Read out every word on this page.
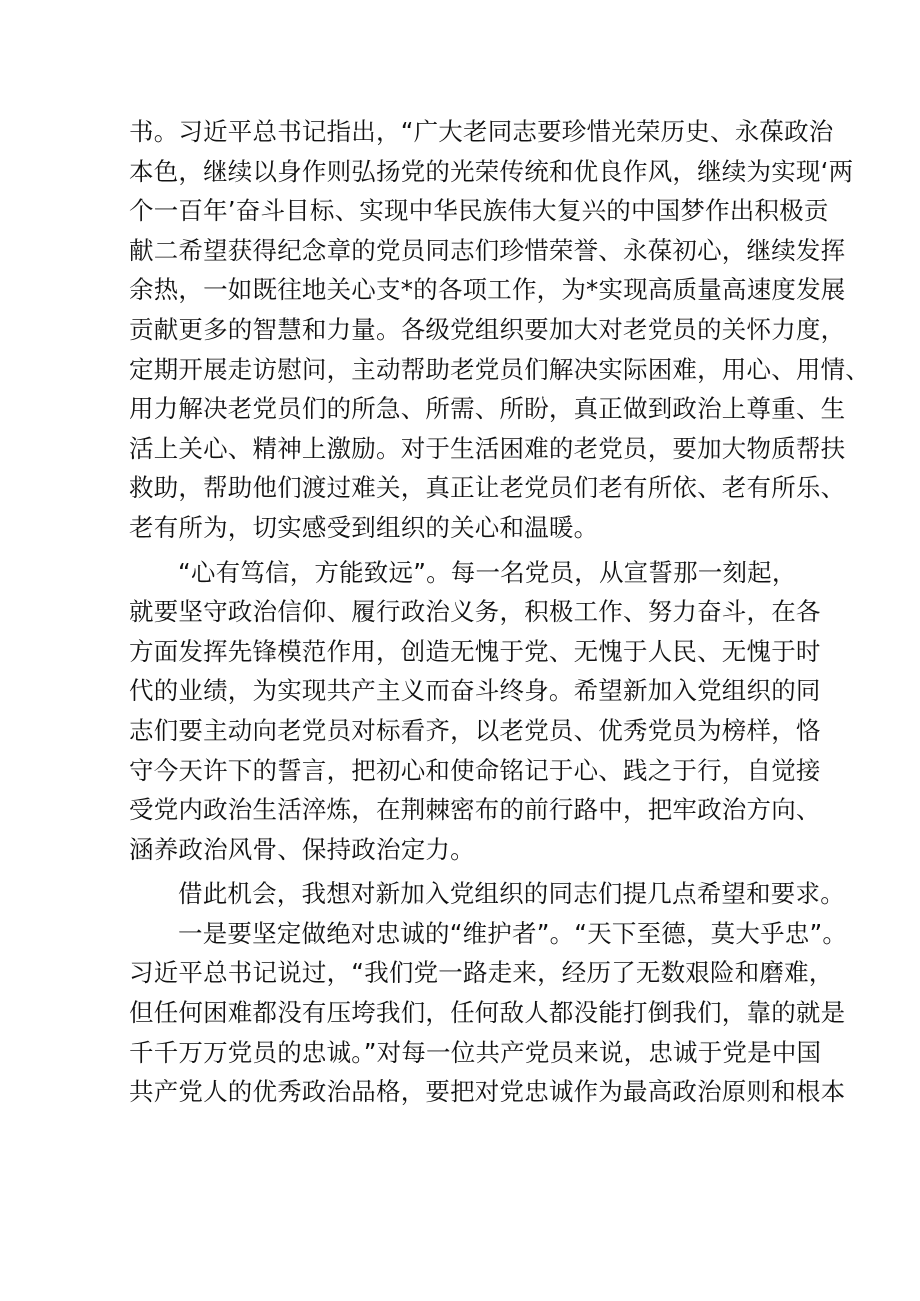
书。习近平总书记指出，“广大老同志要珍惜光荣历史、永葆政治
本色，继续以身作则弘扬党的光荣传统和优良作风，继续为实现‘两
个一百年’奋斗目标、实现中华民族伟大复兴的中国梦作出积极贡
献二希望获得纪念章的党员同志们珍惜荣誉、永葆初心，继续发挥
余热，一如既往地关心支*的各项工作，为*实现高质量高速度发展
贡献更多的智慧和力量。各级党组织要加大对老党员的关怀力度，
定期开展走访慰问，主动帮助老党员们解决实际困难，用心、用情、
用力解决老党员们的所急、所需、所盼，真正做到政治上尊重、生
活上关心、精神上激励。对于生活困难的老党员，要加大物质帮扶
救助，帮助他们渡过难关，真正让老党员们老有所依、老有所乐、
老有所为，切实感受到组织的关心和温暖。
“心有笃信，方能致远”。每一名党员，从宣誓那一刻起，
就要坚守政治信仰、履行政治义务，积极工作、努力奋斗，在各
方面发挥先锋模范作用，创造无愧于党、无愧于人民、无愧于时
代的业绩，为实现共产主义而奋斗终身。希望新加入党组织的同
志们要主动向老党员对标看齐，以老党员、优秀党员为榜样，恪
守今天许下的誓言，把初心和使命铭记于心、践之于行，自觉接
受党内政治生活淬炼，在荆棘密布的前行路中，把牢政治方向、
涵养政治风骨、保持政治定力。
借此机会，我想对新加入党组织的同志们提几点希望和要求。
一是要坚定做绝对忠诚的“维护者”。“天下至德，莫大乎忠”。
习近平总书记说过，“我们党一路走来，经历了无数艰险和磨难，
但任何困难都没有压垮我们，任何敌人都没能打倒我们，靠的就是
千千万万党员的忠诚。”对每一位共产党员来说，忠诚于党是中国
共产党人的优秀政治品格，要把对党忠诚作为最高政治原则和根本
